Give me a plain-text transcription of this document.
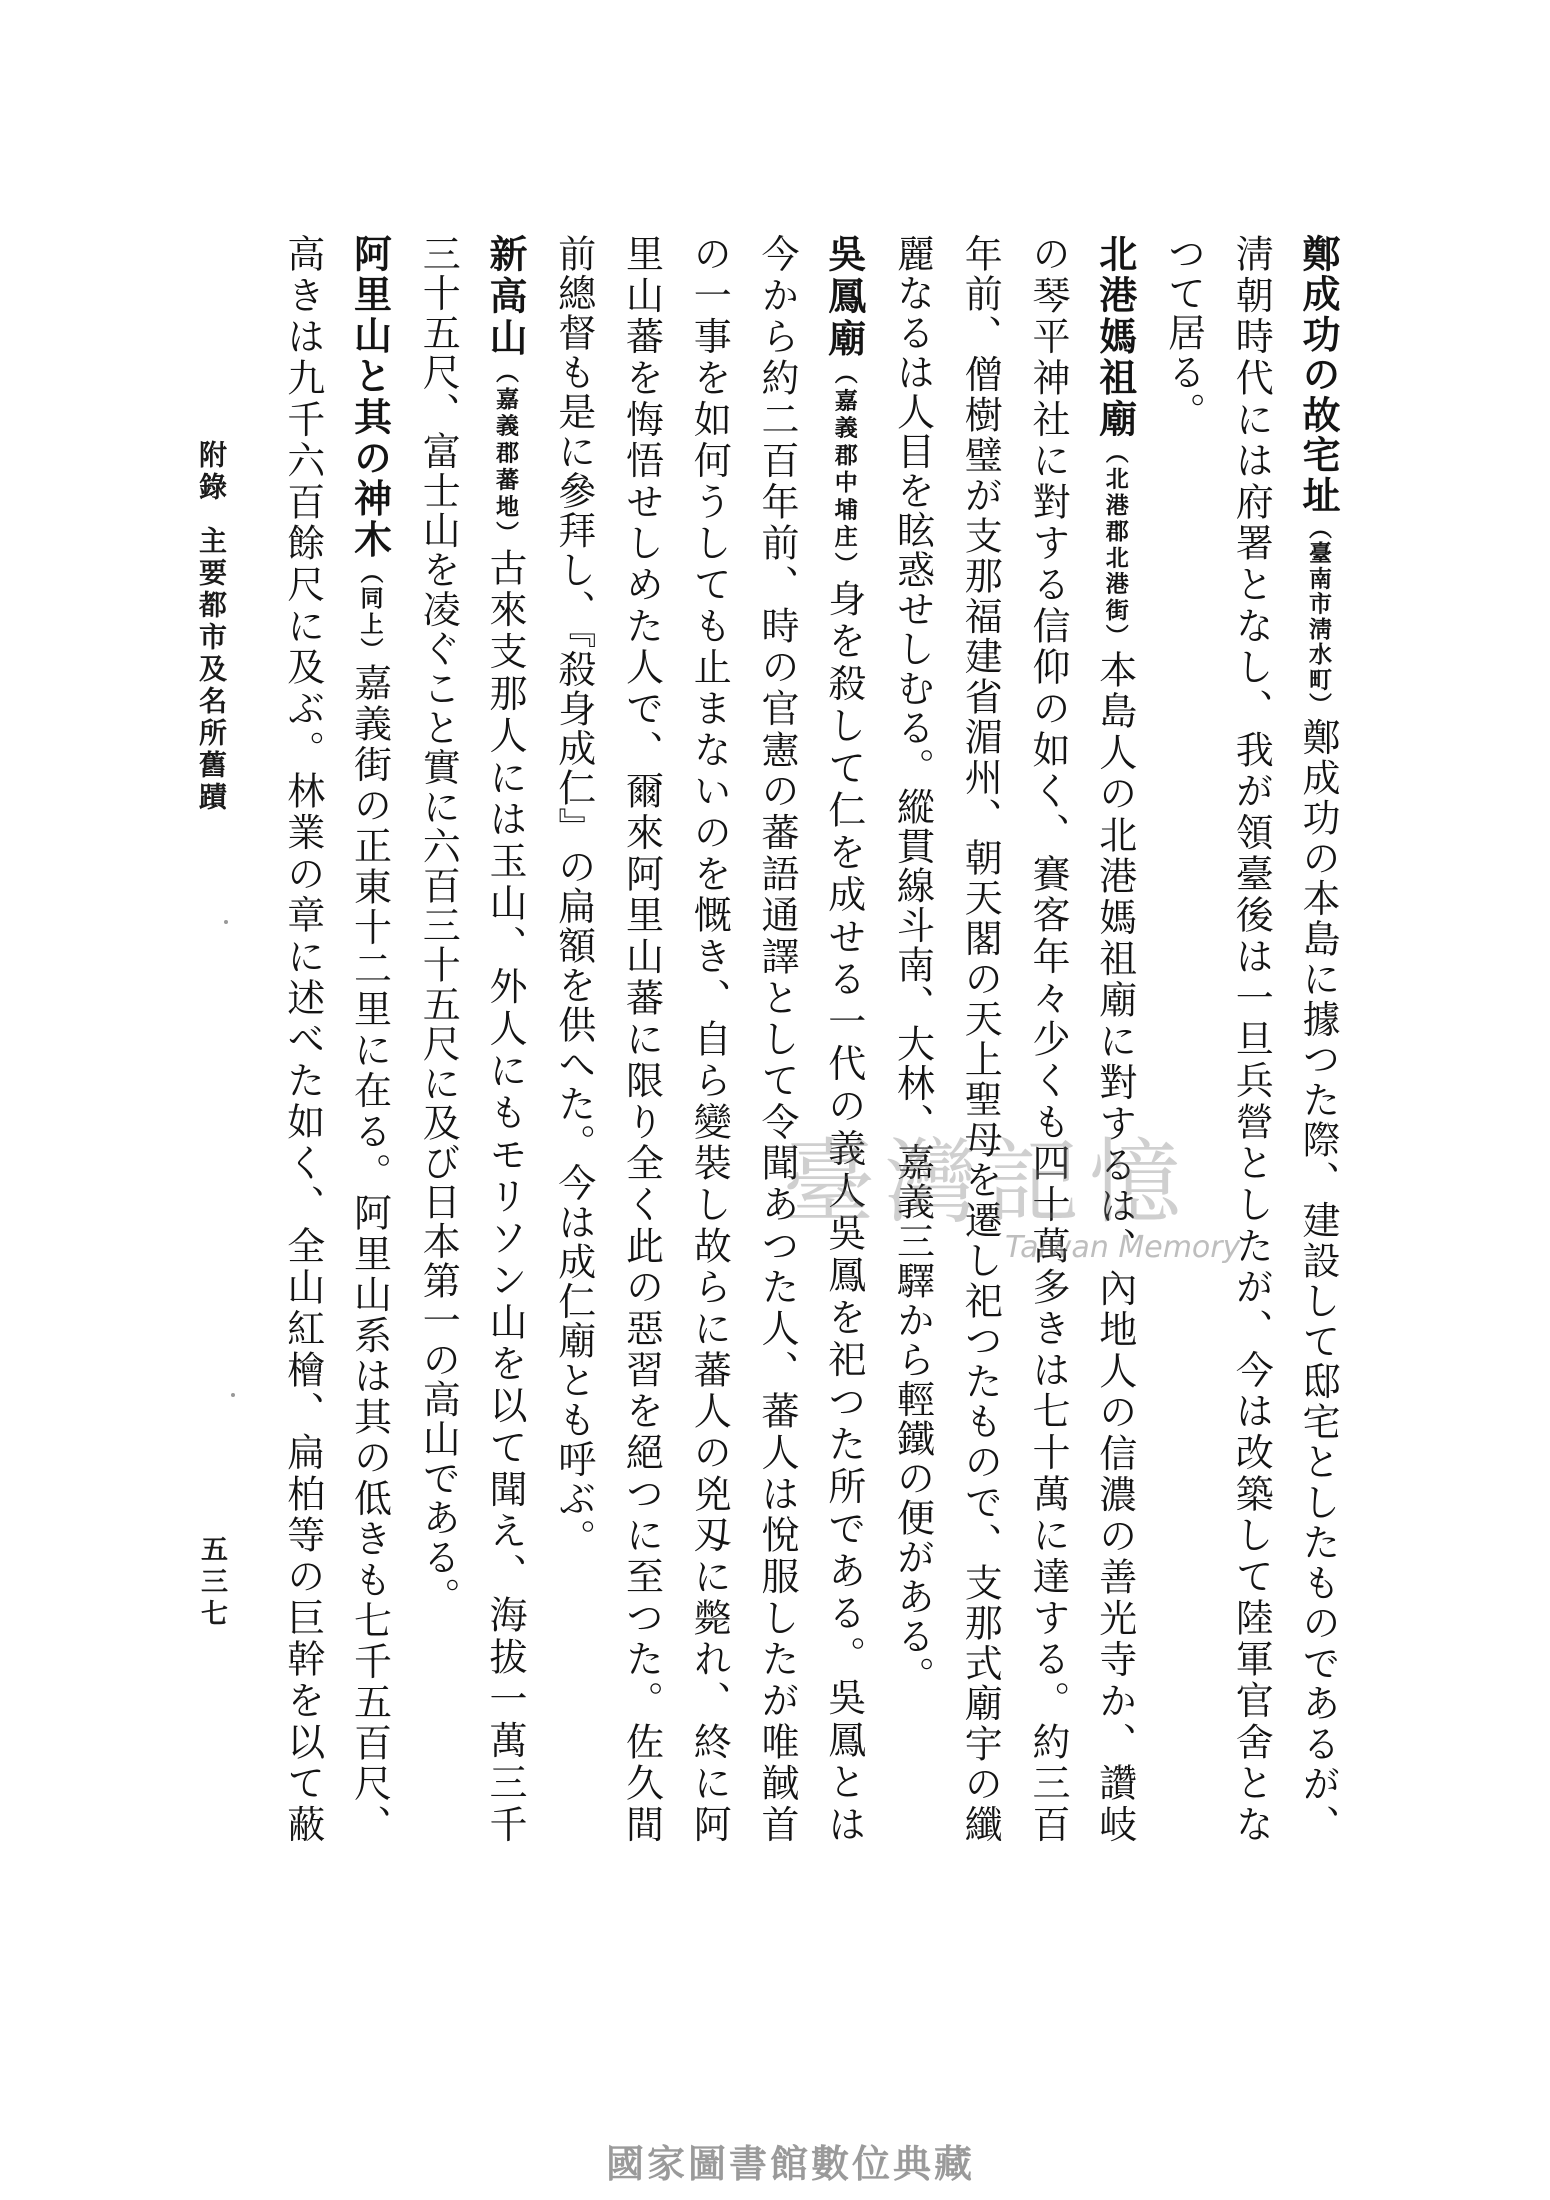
附錄主要都市及名所舊蹟
五三七
鄭成功の故宅址（臺南市淸水町）鄭成功の本島に據つた際、建設して邸宅としたものであるが、
淸朝時代には府署となし、我が領臺後は一旦兵營としたが、今は改築して陸軍官舍とな
つて居る。
北港媽祖廟（北港郡北港街）本島人の北港媽祖廟に對するは、內地人の信濃の善光寺か、讚岐
の琴平神社に對する信仰の如く、賽客年々少くも四十萬多きは七十萬に達する。約三百
年前、僧樹璧が支那福建省湄州、朝天閣の天上聖母を遷し祀つたもので、支那式廟宇の纖
麗なるは人目を眩惑せしむる。縱貫線斗南、大林、嘉義三驛から輕鐵の便がある。
吳鳳廟（嘉義郡中埔庄）身を殺して仁を成せる一代の義人吳鳳を祀つた所である。吳鳳とは
今から約二百年前、時の官憲の蕃語通譯として令聞あつた人、蕃人は悅服したが唯馘首
の一事を如何うしても止まないのを慨き、自ら變裝し故らに蕃人の兇刄に斃れ、終に阿
里山蕃を悔悟せしめた人で、爾來阿里山蕃に限り全く此の惡習を絕つに至つた。佐久間
前總督も是に參拜し、『殺身成仁』の扁額を供へた。今は成仁廟とも呼ぶ。
新高山（嘉義郡蕃地）古來支那人には玉山、外人にもモリソン山を以て聞え、海拔一萬三千
三十五尺、富士山を凌ぐこと實に六百三十五尺に及び日本第一の高山である。
阿里山と其の神木（同上）嘉義街の正東十二里に在る。阿里山系は其の低きも七千五百尺、
高きは九千六百餘尺に及ぶ。林業の章に述べた如く、全山紅檜、扁柏等の巨幹を以て蔽	臺灣記憶
Taiwan Memory
國家圖書館數位典藏
